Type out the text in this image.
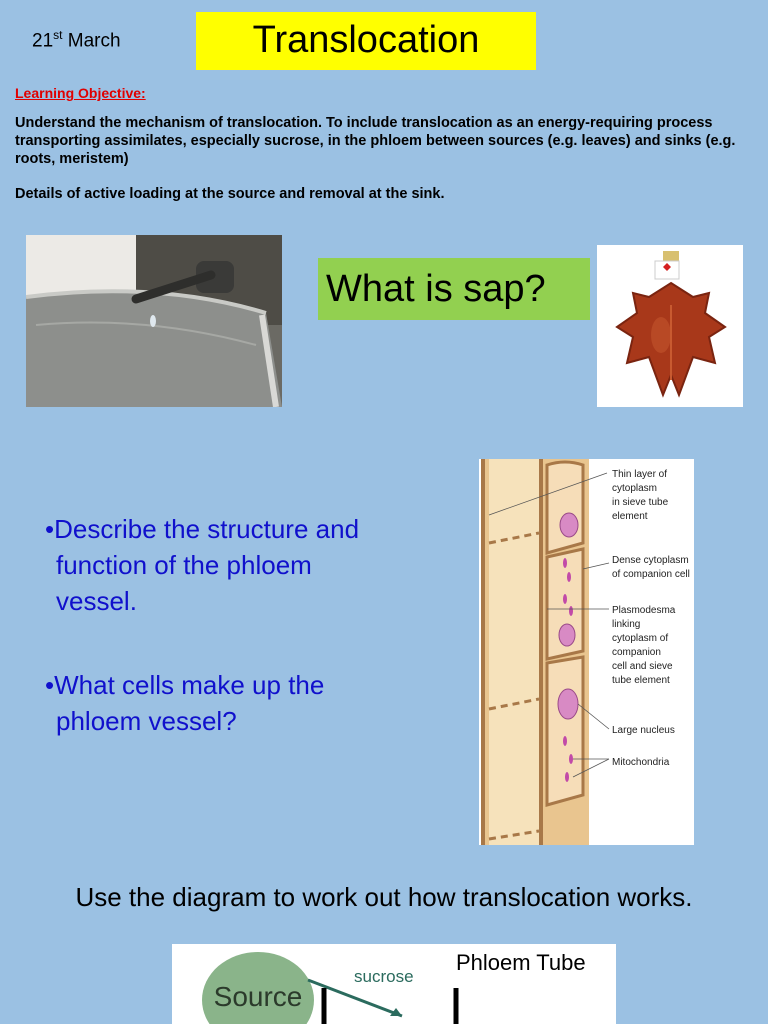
21st March	Translocation
Learning Objective:
Understand the mechanism of translocation. To include translocation as an energy-requiring process transporting assimilates, especially sucrose, in the phloem between sources (e.g. leaves) and sinks (e.g. roots, meristem)
Details of active loading at the source and removal at the sink.
What is sap?
•Describe the structure and
function of the phloem
vessel.
•What cells make up the
phloem vessel?
Thin layer of cytoplasm in sieve tube element
Dense cytoplasm of companion cell
Plasmodesma linking cytoplasm of companion cell and sieve tube element
Large nucleus
Mitochondria
Use the diagram to work out how translocation works.
Source
sucrose
Phloem Tube
